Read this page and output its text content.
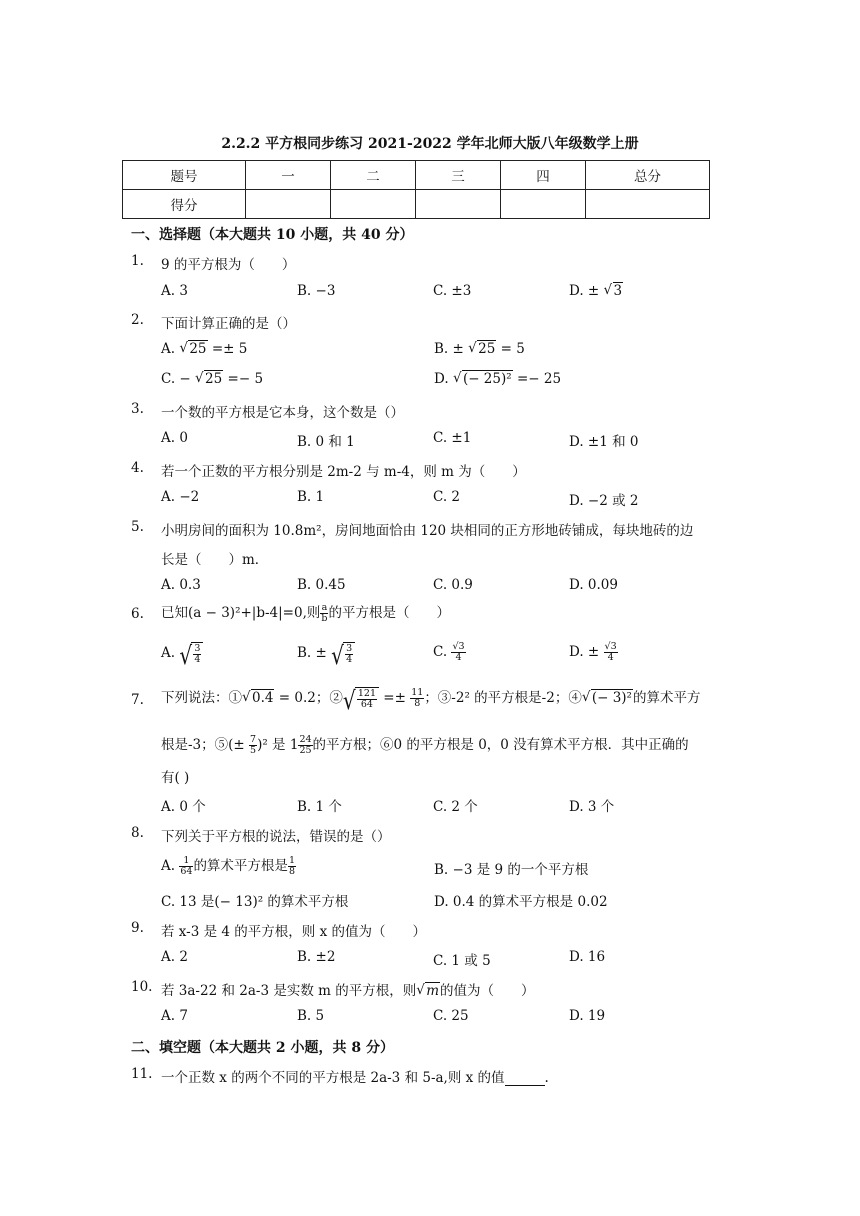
2.2.2 平方根同步练习 2021-2022 学年北师大版八年级数学上册
题号	一	二	三	四	总分
得分					
一、选择题（本大题共 10 小题，共 40 分）
1. 9 的平方根为（　　）
A. 3	B. −3	C. ±3	D. ± √ 3
2. 下面计算正确的是（）
A. √ 25 =± 5	B. ± √ 25 = 5
C. − √ 25 =− 5	D. √ (− 25)² =− 25
3. 一个数的平方根是它本身，这个数是（）
A. 0	B. 0 和 1	C. ±1	D. ±1 和 0
4. 若一个正数的平方根分别是 2m-2 与 m-4，则 m 为（　　）
A. −2	B. 1	C. 2	D. −2 或 2
5. 小明房间的面积为 10.8m²，房间地面恰由 120 块相同的正方形地砖铺成，每块地砖的边
长是（　　）m．
A. 0.3	B. 0.45	C. 0.9	D. 0.09
6. 已知(a − 3)²+|b-4|=0,则 $\frac{a}{b}$ 的平方根是（　　）
A. √ $\frac{3}{4}$	B. ± √ $\frac{3}{4}$	C. $\frac{√3}{4}$	D. ± $\frac{√3}{4}$
7. 下列说法：① √ 0.4 = 0.2；② √ $\frac{121}{64} =\pm \frac{11}{8}$ ；③-2² 的平方根是-2；④ √ (− 3)²的算术平方
根是-3；⑤(± $\frac{7}{5} )^2$ 是 $1 \frac{24}{25}$ 的平方根；⑥0 的平方根是 0，0 没有算术平方根．其中正确的
有( )
A. 0 个	B. 1 个	C. 2 个	D. 3 个
8. 下列关于平方根的说法，错误的是（）
A. $\frac{1}{64}$ 的算术平方根是 $\frac{1}{8}$	B. −3 是 9 的一个平方根
C. 13 是(− 13)² 的算术平方根	D. 0.4 的算术平方根是 0.02
9. 若 x-3 是 4 的平方根，则 x 的值为（　　）
A. 2	B. ±2	C. 1 或 5	D. 16
10. 若 3a-22 和 2a-3 是实数 m 的平方根，则 √ m的值为（　　）
A. 7	B. 5	C. 25	D. 19
二、填空题（本大题共 2 小题，共 8 分）
11. 一个正数 x 的两个不同的平方根是 2a-3 和 5-a,则 x 的值	.
